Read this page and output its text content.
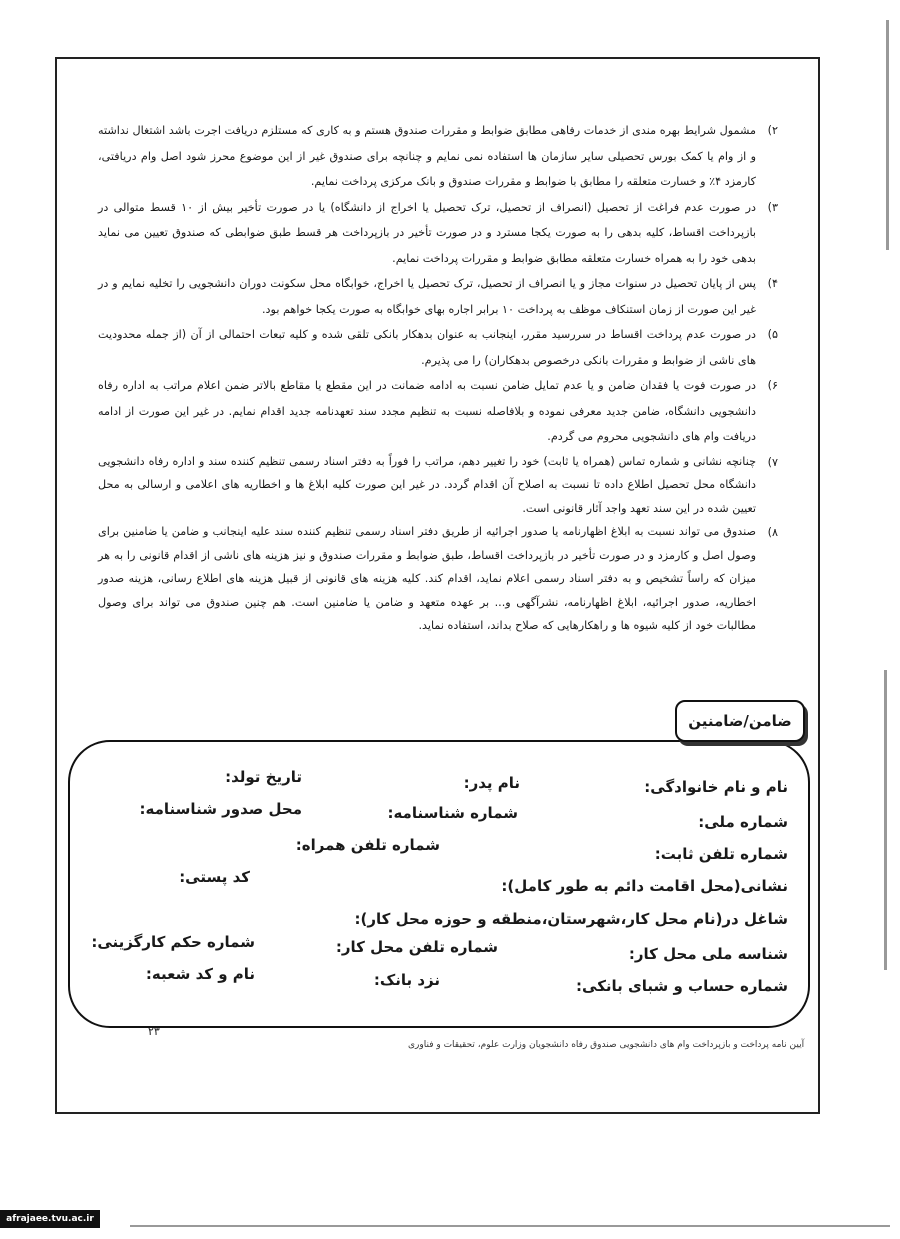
۲)
مشمول شرایط بهره مندی از خدمات رفاهی مطابق ضوابط و مقررات صندوق هستم و به کاری که مستلزم دریافت اجرت باشد اشتغال نداشته و از وام یا کمک بورس تحصیلی سایر سازمان ها استفاده نمی نمایم و چنانچه برای صندوق غیر از این موضوع محرز شود اصل وام دریافتی، کارمزد ۴٪ و خسارت متعلقه را مطابق با ضوابط و مقررات صندوق و بانک مرکزی پرداخت نمایم.
۳)
در صورت عدم فراغت از تحصیل (انصراف از تحصیل، ترک تحصیل یا اخراج از دانشگاه) یا در صورت تأخیر بیش از ۱۰ قسط متوالی در بازپرداخت اقساط، کلیه بدهی را به صورت یکجا مسترد و در صورت تأخیر در بازپرداخت هر قسط طبق ضوابطی که صندوق تعیین می نماید بدهی خود را به همراه خسارت متعلقه مطابق ضوابط و مقررات پرداخت نمایم.
۴)
پس از پایان تحصیل در سنوات مجاز و یا انصراف از تحصیل، ترک تحصیل یا اخراج، خوابگاه محل سکونت دوران دانشجویی را تخلیه نمایم و در غیر این صورت از زمان استنکاف موظف به پرداخت ۱۰ برابر اجاره بهای خوابگاه به صورت یکجا خواهم بود.
۵)
در صورت عدم پرداخت اقساط در سررسید مقرر، اینجانب به عنوان بدهکار بانکی تلقی شده و کلیه تبعات احتمالی از آن (از جمله محدودیت های ناشی از ضوابط و مقررات بانکی درخصوص بدهکاران) را می پذیرم.
۶)
در صورت فوت یا فقدان ضامن و یا عدم تمایل ضامن نسبت به ادامه ضمانت در این مقطع یا مقاطع بالاتر ضمن اعلام مراتب به اداره رفاه دانشجویی دانشگاه، ضامن جدید معرفی نموده و بلافاصله نسبت به تنظیم مجدد سند تعهدنامه جدید اقدام نمایم. در غیر این صورت از ادامه دریافت وام های دانشجویی محروم می گردم.
۷)
چنانچه نشانی و شماره تماس (همراه یا ثابت) خود را تغییر دهم، مراتب را فوراً به دفتر اسناد رسمی تنظیم کننده سند و اداره رفاه دانشجویی دانشگاه محل تحصیل اطلاع داده تا نسبت به اصلاح آن اقدام گردد. در غیر این صورت کلیه ابلاغ ها و اخطاریه های اعلامی و ارسالی به محل تعیین شده در این سند تعهد واجد آثار قانونی است.
۸)
صندوق می تواند نسبت به ابلاغ اظهارنامه یا صدور اجرائیه از طریق دفتر اسناد رسمی تنظیم کننده سند علیه اینجانب و ضامن یا ضامنین برای وصول اصل و کارمزد و در صورت تأخیر در بازپرداخت اقساط، طبق ضوابط و مقررات صندوق و نیز هزینه های ناشی از اقدام قانونی را به هر میزان که راساً تشخیص و به دفتر اسناد رسمی اعلام نماید، اقدام کند. کلیه هزینه های قانونی از قبیل هزینه های اطلاع رسانی، هزینه صدور اخطاریه، صدور اجرائیه، ابلاغ اظهارنامه، نشرآگهی و... بر عهده متعهد و ضامن یا ضامنین است. هم چنین صندوق می تواند برای وصول مطالبات خود از کلیه شیوه ها و راهکارهایی که صلاح بداند، استفاده نماید.
ضامن/ضامنین
نام و نام خانوادگی:
نام پدر:
تاریخ تولد:
شماره ملی:
شماره شناسنامه:
محل صدور شناسنامه:
شماره تلفن ثابت:
شماره تلفن همراه:
کد پستی:	نشانی(محل اقامت دائم به طور کامل):
شاغل در(نام محل کار،شهرستان،منطقه و حوزه محل کار):
شناسه ملی محل کار:
شماره تلفن محل کار:
شماره حکم کارگزینی:
شماره حساب و شبای بانکی:
نزد بانک:
نام و کد شعبه:
۲۳
آیین نامه پرداخت و بازپرداخت وام های دانشجویی صندوق رفاه دانشجویان وزارت علوم، تحقیقات و فناوری
afrajaee.tvu.ac.ir
